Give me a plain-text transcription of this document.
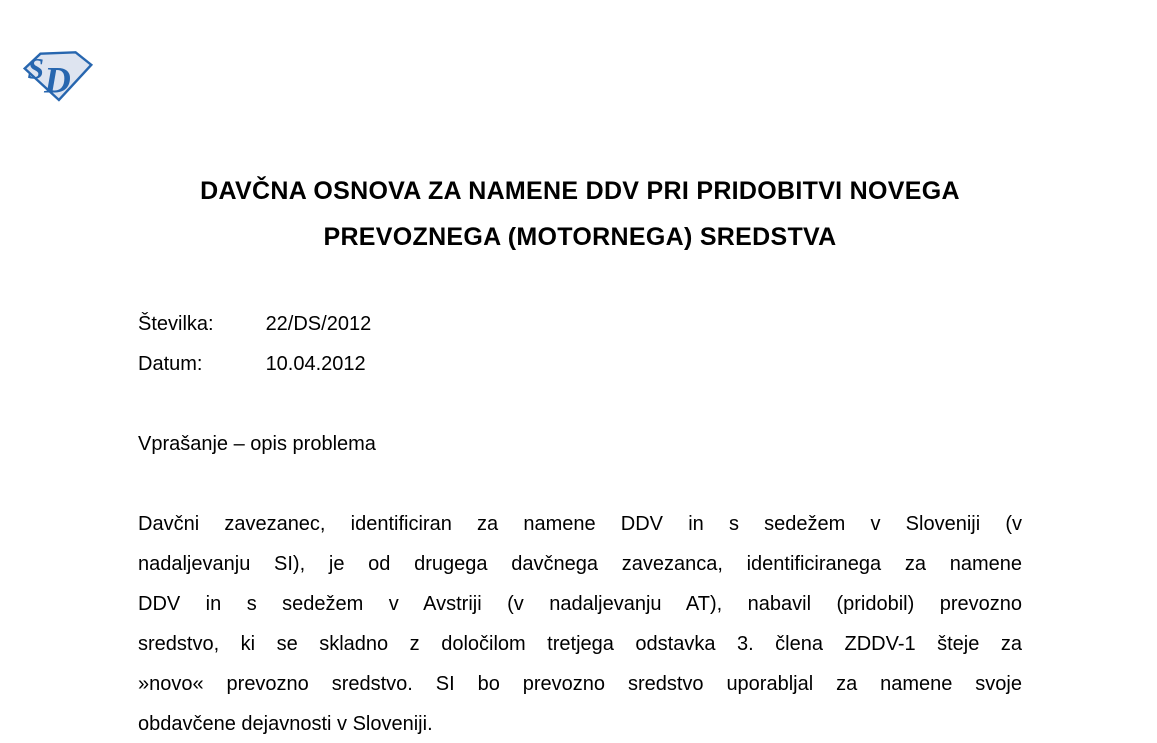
S D
DAVČNA OSNOVA ZA NAMENE DDV PRI PRIDOBITVI NOVEGA
PREVOZNEGA (MOTORNEGA) SREDSTVA
Številka:	22/DS/2012
Datum:	10.04.2012
Vprašanje – opis problema
Davčni zavezanec, identificiran za namene DDV in s sedežem v Sloveniji (v
nadaljevanju SI), je od drugega davčnega zavezanca, identificiranega za namene
DDV in s sedežem v Avstriji (v nadaljevanju AT), nabavil (pridobil) prevozno
sredstvo, ki se skladno z določilom tretjega odstavka 3. člena ZDDV-1 šteje za
»novo« prevozno sredstvo. SI bo prevozno sredstvo uporabljal za namene svoje
obdavčene dejavnosti v Sloveniji.
